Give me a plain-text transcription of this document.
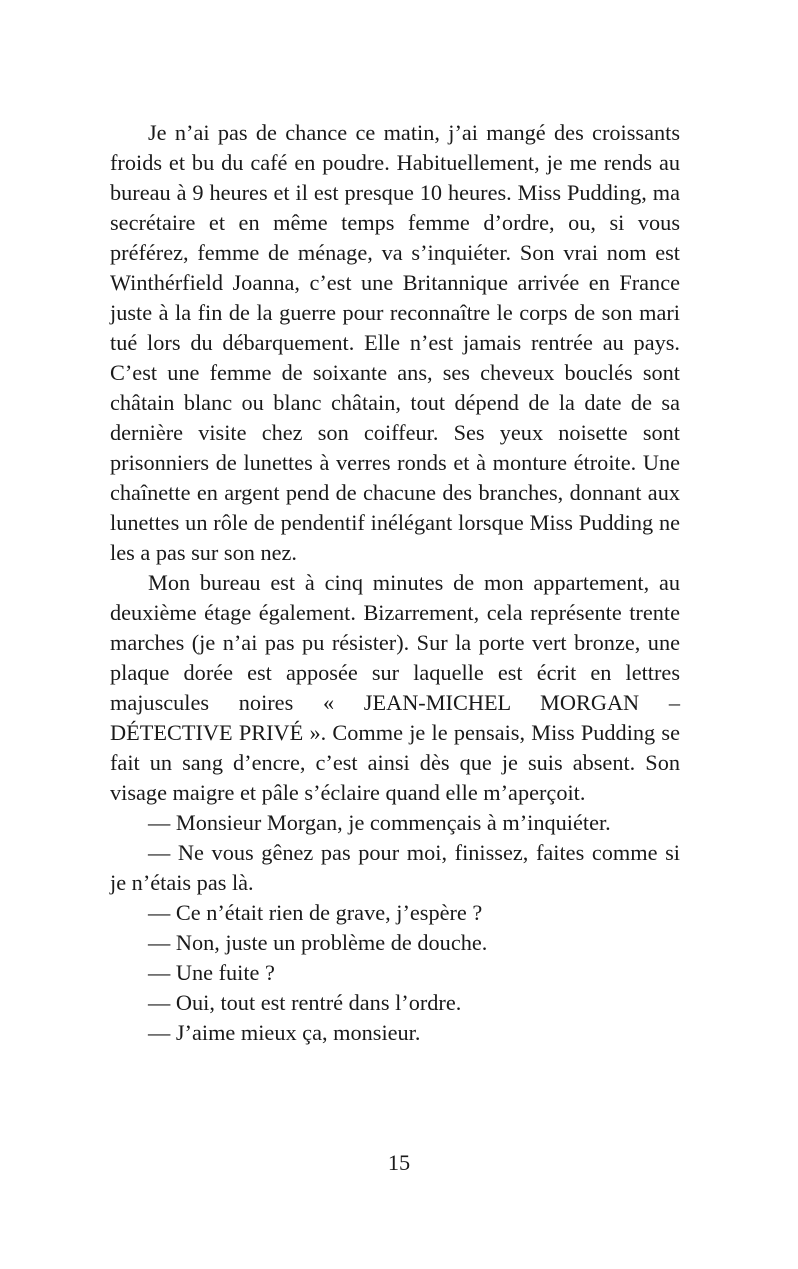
Je n’ai pas de chance ce matin, j’ai mangé des croissants froids et bu du café en poudre. Habituellement, je me rends au bureau à 9 heures et il est presque 10 heures. Miss Pudding, ma secrétaire et en même temps femme d’ordre, ou, si vous préférez, femme de ménage, va s’inquiéter. Son vrai nom est Winthérfield Joanna, c’est une Britannique arrivée en France juste à la fin de la guerre pour reconnaître le corps de son mari tué lors du débarquement. Elle n’est jamais rentrée au pays. C’est une femme de soixante ans, ses cheveux bouclés sont châtain blanc ou blanc châtain, tout dépend de la date de sa dernière visite chez son coiffeur. Ses yeux noisette sont prisonniers de lunettes à verres ronds et à monture étroite. Une chaînette en argent pend de chacune des branches, donnant aux lunettes un rôle de pendentif inélégant lorsque Miss Pudding ne les a pas sur son nez.

Mon bureau est à cinq minutes de mon appartement, au deuxième étage également. Bizarrement, cela représente trente marches (je n’ai pas pu résister). Sur la porte vert bronze, une plaque dorée est apposée sur laquelle est écrit en lettres majuscules noires « JEAN-MICHEL MORGAN – DÉTECTIVE PRIVÉ ». Comme je le pensais, Miss Pudding se fait un sang d’encre, c’est ainsi dès que je suis absent. Son visage maigre et pâle s’éclaire quand elle m’aperçoit.

— Monsieur Morgan, je commençais à m’inquiéter.

— Ne vous gênez pas pour moi, finissez, faites comme si je n’étais pas là.

— Ce n’était rien de grave, j’espère ?

— Non, juste un problème de douche.

— Une fuite ?

— Oui, tout est rentré dans l’ordre.

— J’aime mieux ça, monsieur.

15
